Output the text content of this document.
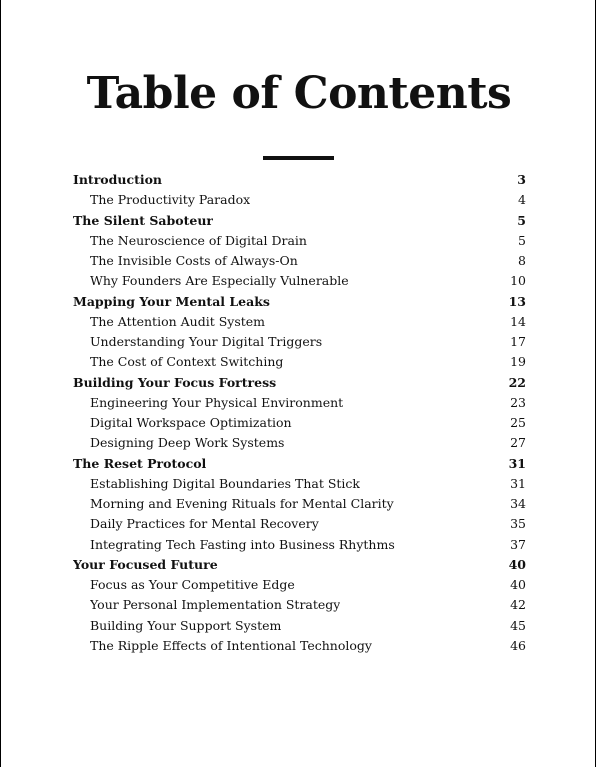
Table of Contents
Introduction	3
The Productivity Paradox	4
The Silent Saboteur	5
The Neuroscience of Digital Drain	5
The Invisible Costs of Always-On	8
Why Founders Are Especially Vulnerable	10
Mapping Your Mental Leaks	13
The Attention Audit System	14
Understanding Your Digital Triggers	17
The Cost of Context Switching	19
Building Your Focus Fortress	22
Engineering Your Physical Environment	23
Digital Workspace Optimization	25
Designing Deep Work Systems	27
The Reset Protocol	31
Establishing Digital Boundaries That Stick	31
Morning and Evening Rituals for Mental Clarity	34
Daily Practices for Mental Recovery	35
Integrating Tech Fasting into Business Rhythms	37
Your Focused Future	40
Focus as Your Competitive Edge	40
Your Personal Implementation Strategy	42
Building Your Support System	45
The Ripple Effects of Intentional Technology	46
